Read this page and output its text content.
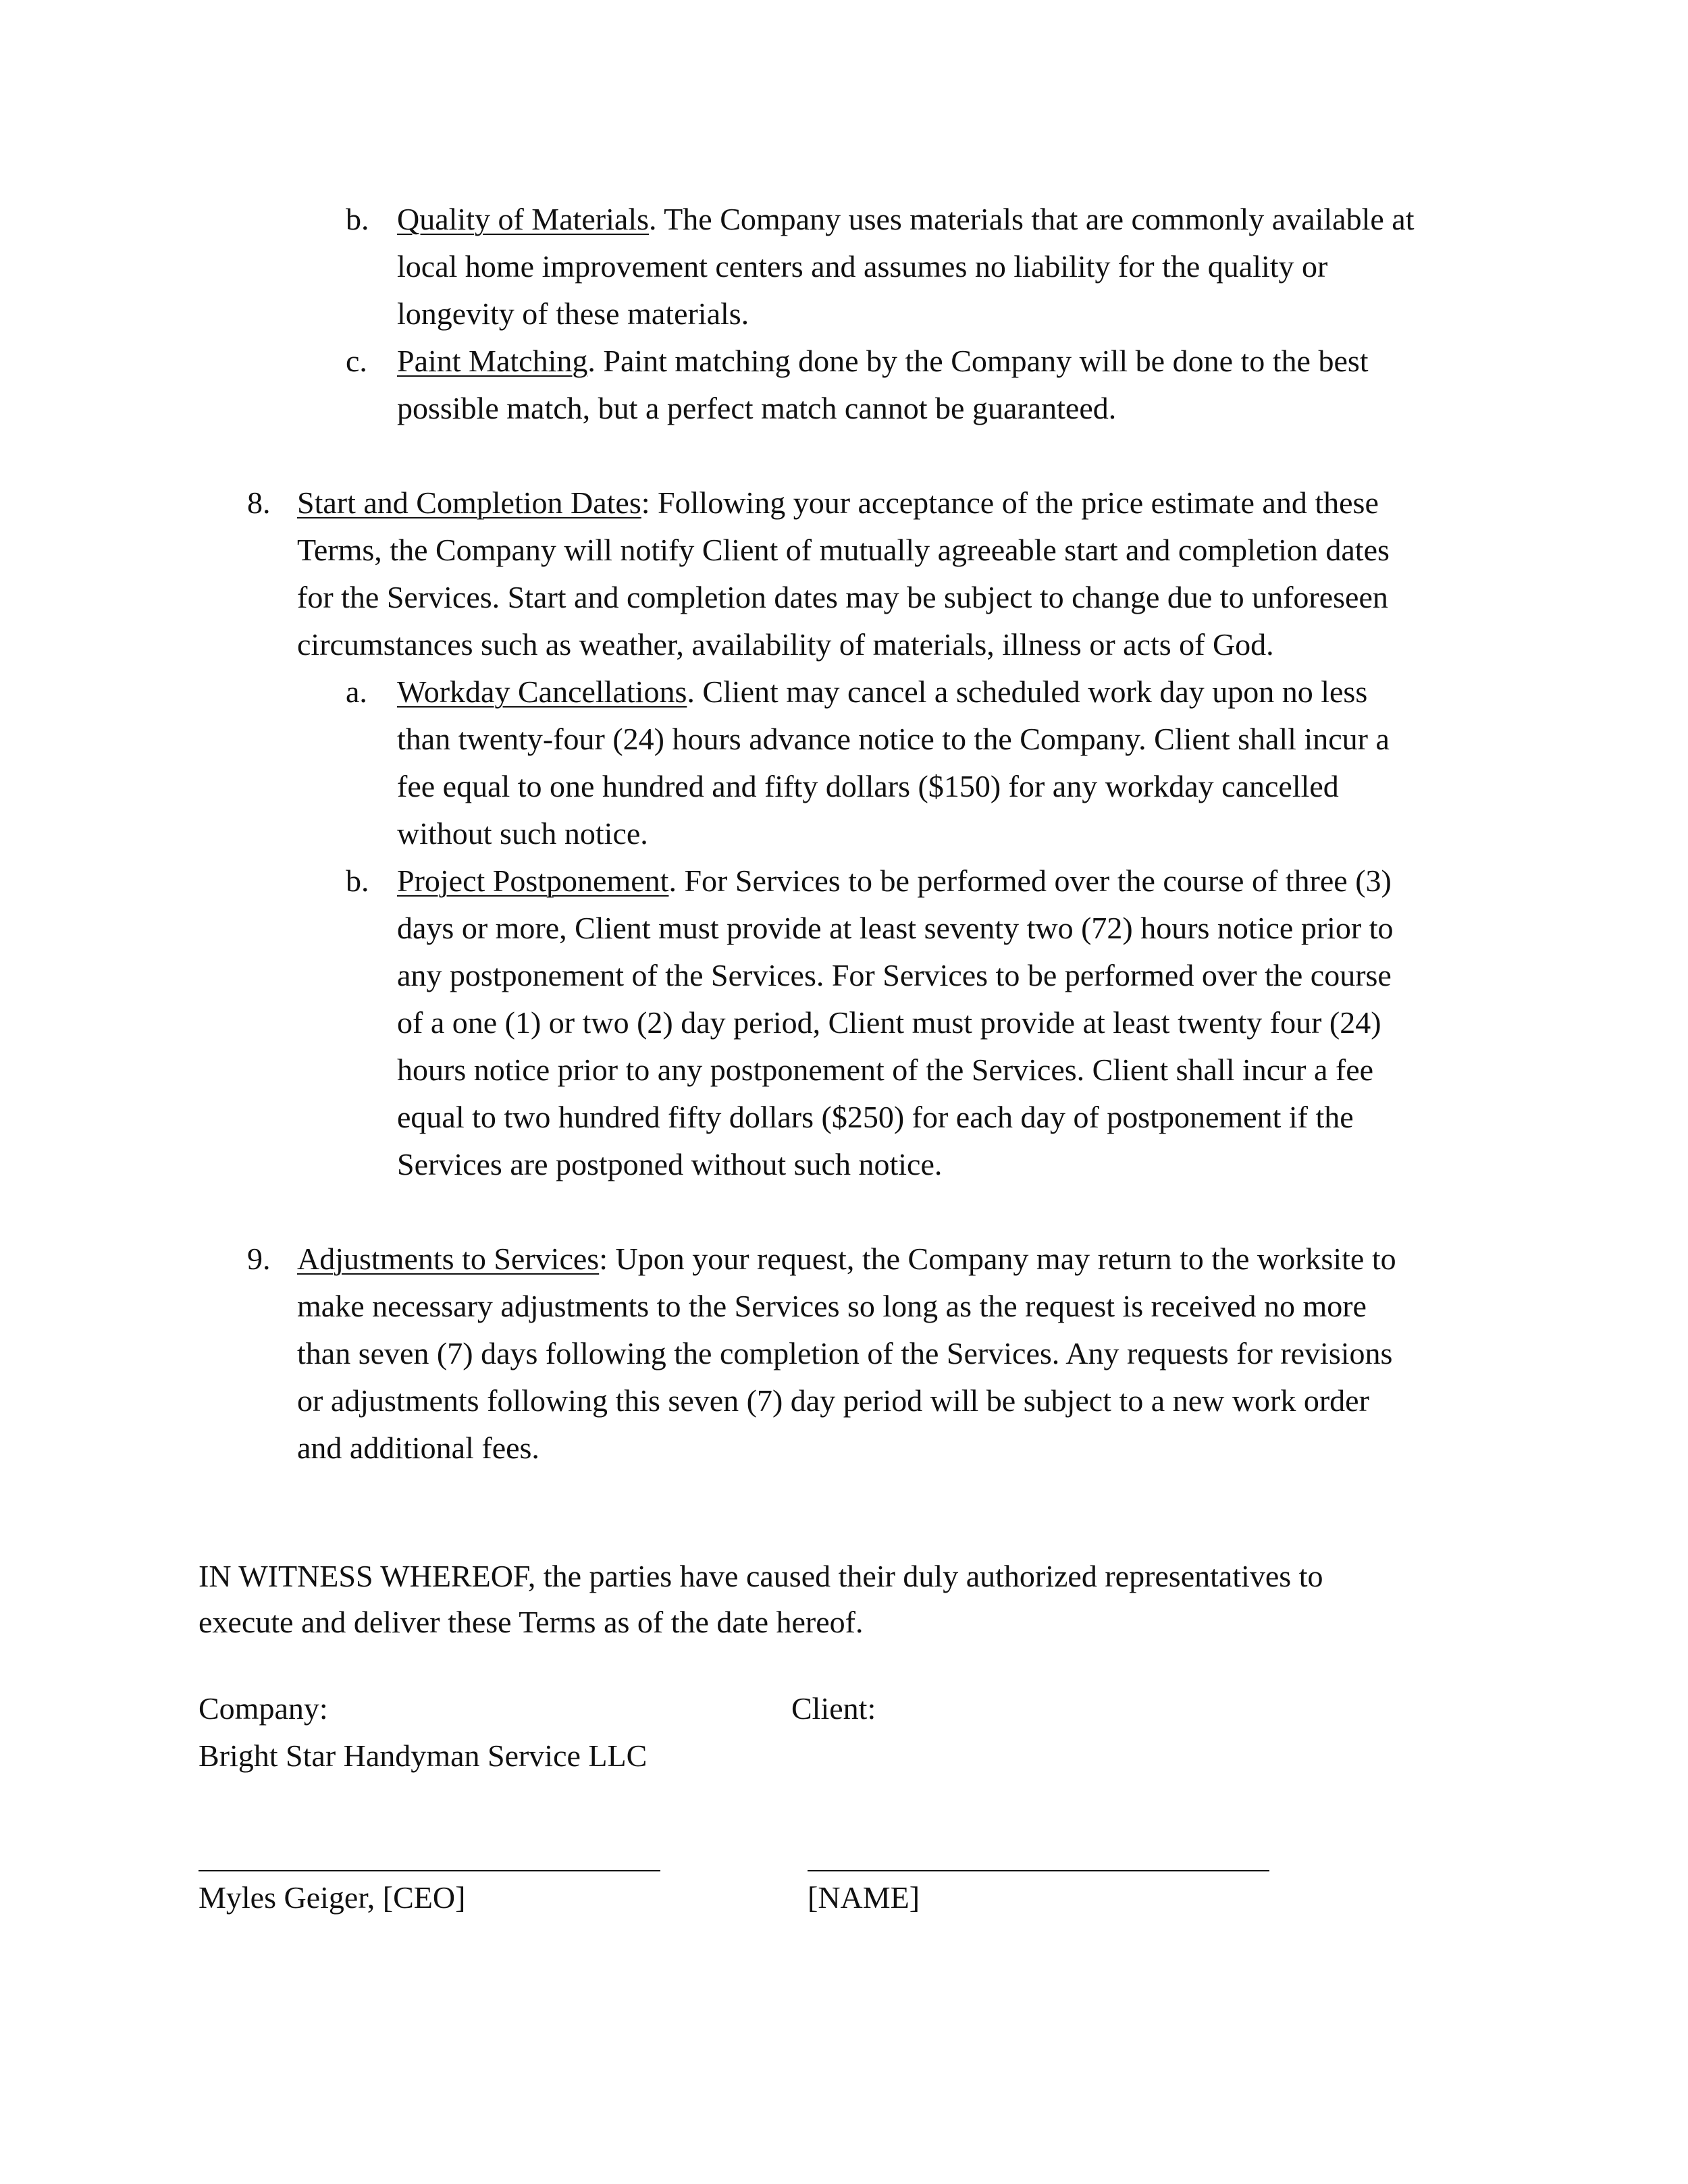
b. Quality of Materials. The Company uses materials that are commonly available at
local home improvement centers and assumes no liability for the quality or
longevity of these materials.
c. Paint Matching. Paint matching done by the Company will be done to the best
possible match, but a perfect match cannot be guaranteed.
8. Start and Completion Dates: Following your acceptance of the price estimate and these
Terms, the Company will notify Client of mutually agreeable start and completion dates
for the Services. Start and completion dates may be subject to change due to unforeseen
circumstances such as weather, availability of materials, illness or acts of God.
a. Workday Cancellations. Client may cancel a scheduled work day upon no less
than twenty-four (24) hours advance notice to the Company. Client shall incur a
fee equal to one hundred and fifty dollars ($150) for any workday cancelled
without such notice.
b. Project Postponement. For Services to be performed over the course of three (3)
days or more, Client must provide at least seventy two (72) hours notice prior to
any postponement of the Services. For Services to be performed over the course
of a one (1) or two (2) day period, Client must provide at least twenty four (24)
hours notice prior to any postponement of the Services. Client shall incur a fee
equal to two hundred fifty dollars ($250) for each day of postponement if the
Services are postponed without such notice.
9. Adjustments to Services: Upon your request, the Company may return to the worksite to
make necessary adjustments to the Services so long as the request is received no more
than seven (7) days following the completion of the Services. Any requests for revisions
or adjustments following this seven (7) day period will be subject to a new work order
and additional fees.
IN WITNESS WHEREOF, the parties have caused their duly authorized representatives to
execute and deliver these Terms as of the date hereof.
Company:	Client:
Bright Star Handyman Service LLC
Myles Geiger, [CEO]	[NAME]
